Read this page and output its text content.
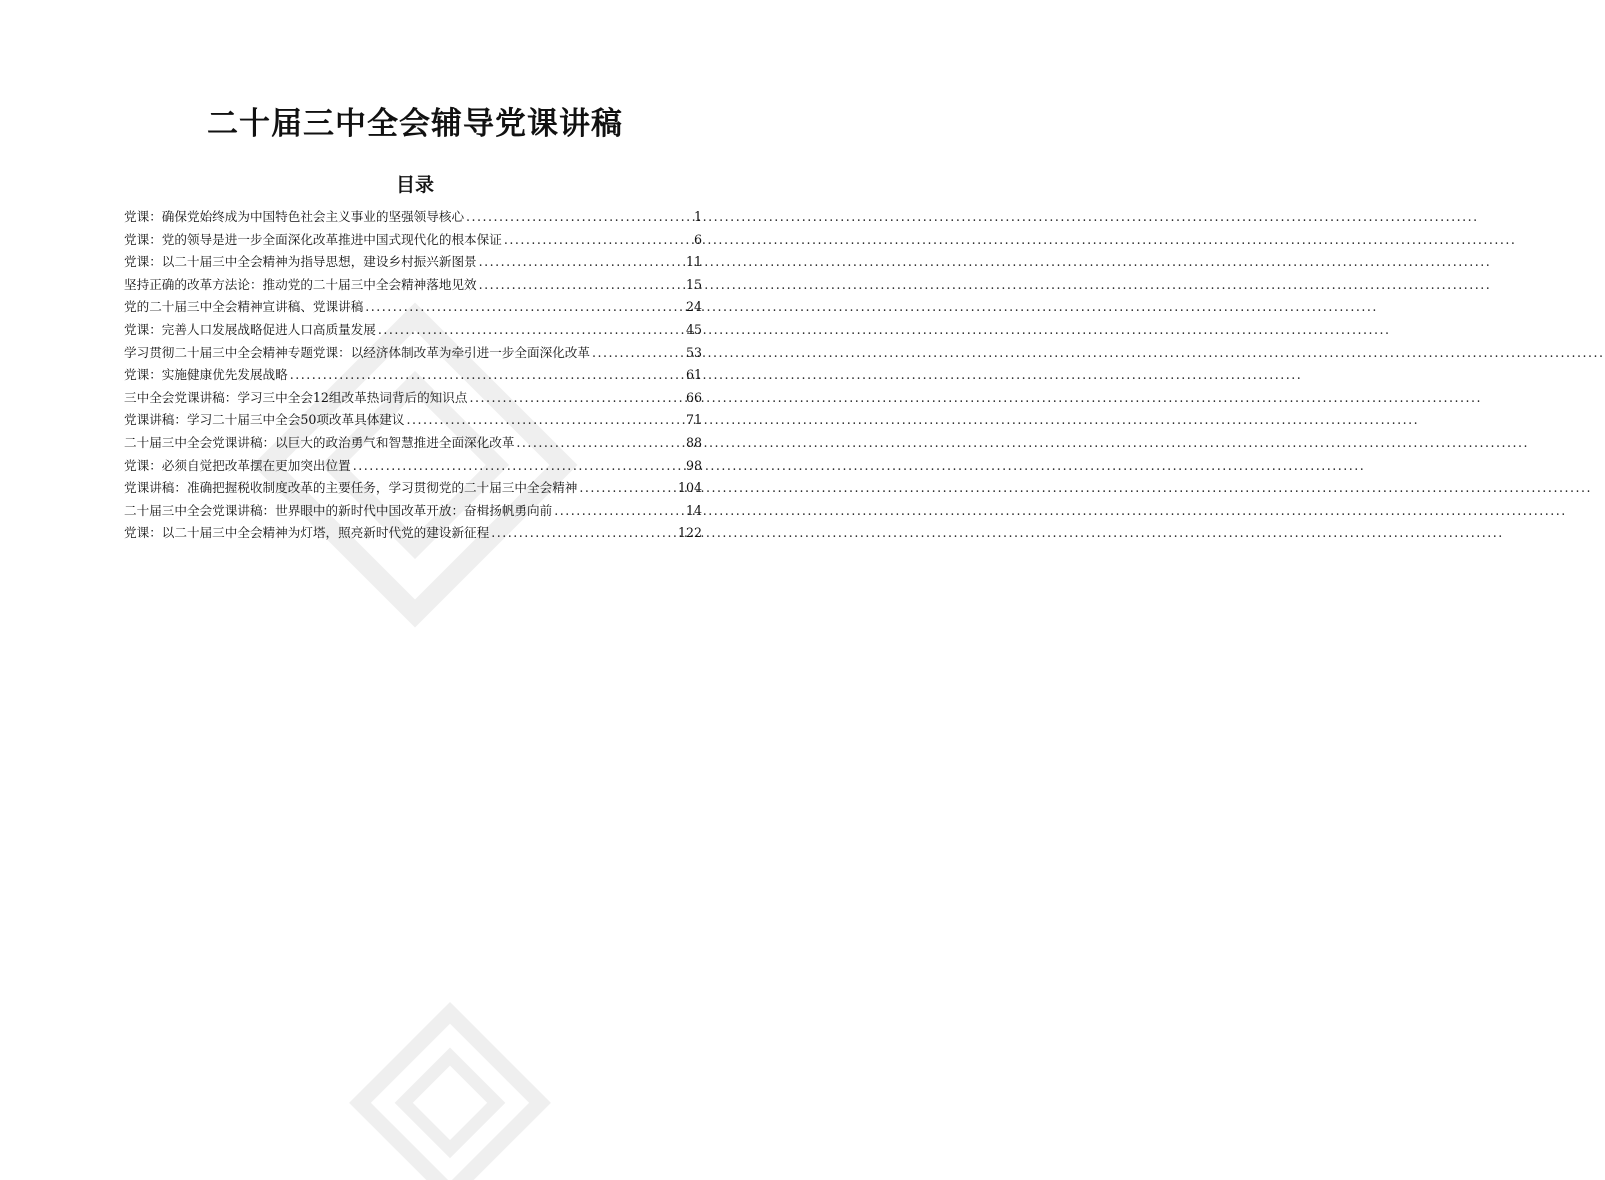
二十届三中全会辅导党课讲稿
目录
党课：确保党始终成为中国特色社会主义事业的坚强领导核心 .....	1
党课：党的领导是进一步全面深化改革推进中国式现代化的根本保证 .....	6
党课：以二十届三中全会精神为指导思想，建设乡村振兴新图景 .....	11
坚持正确的改革方法论：推动党的二十届三中全会精神落地见效 .....	15
党的二十届三中全会精神宣讲稿、党课讲稿 .....	24
党课：完善人口发展战略促进人口高质量发展 .....	45
学习贯彻二十届三中全会精神专题党课：以经济体制改革为牵引进一步全面深化改革 .....	53
党课：实施健康优先发展战略 .....	61
三中全会党课讲稿：学习三中全会12组改革热词背后的知识点 .....	66
党课讲稿：学习二十届三中全会50项改革具体建议 .....	71
二十届三中全会党课讲稿：以巨大的政治勇气和智慧推进全面深化改革 .....	88
党课：必须自觉把改革摆在更加突出位置 .....	98
党课讲稿：准确把握税收制度改革的主要任务，学习贯彻党的二十届三中全会精神 .....	104
二十届三中全会党课讲稿：世界眼中的新时代中国改革开放：奋楫扬帆勇向前 .....	14
党课：以二十届三中全会精神为灯塔，照亮新时代党的建设新征程 .....	122
